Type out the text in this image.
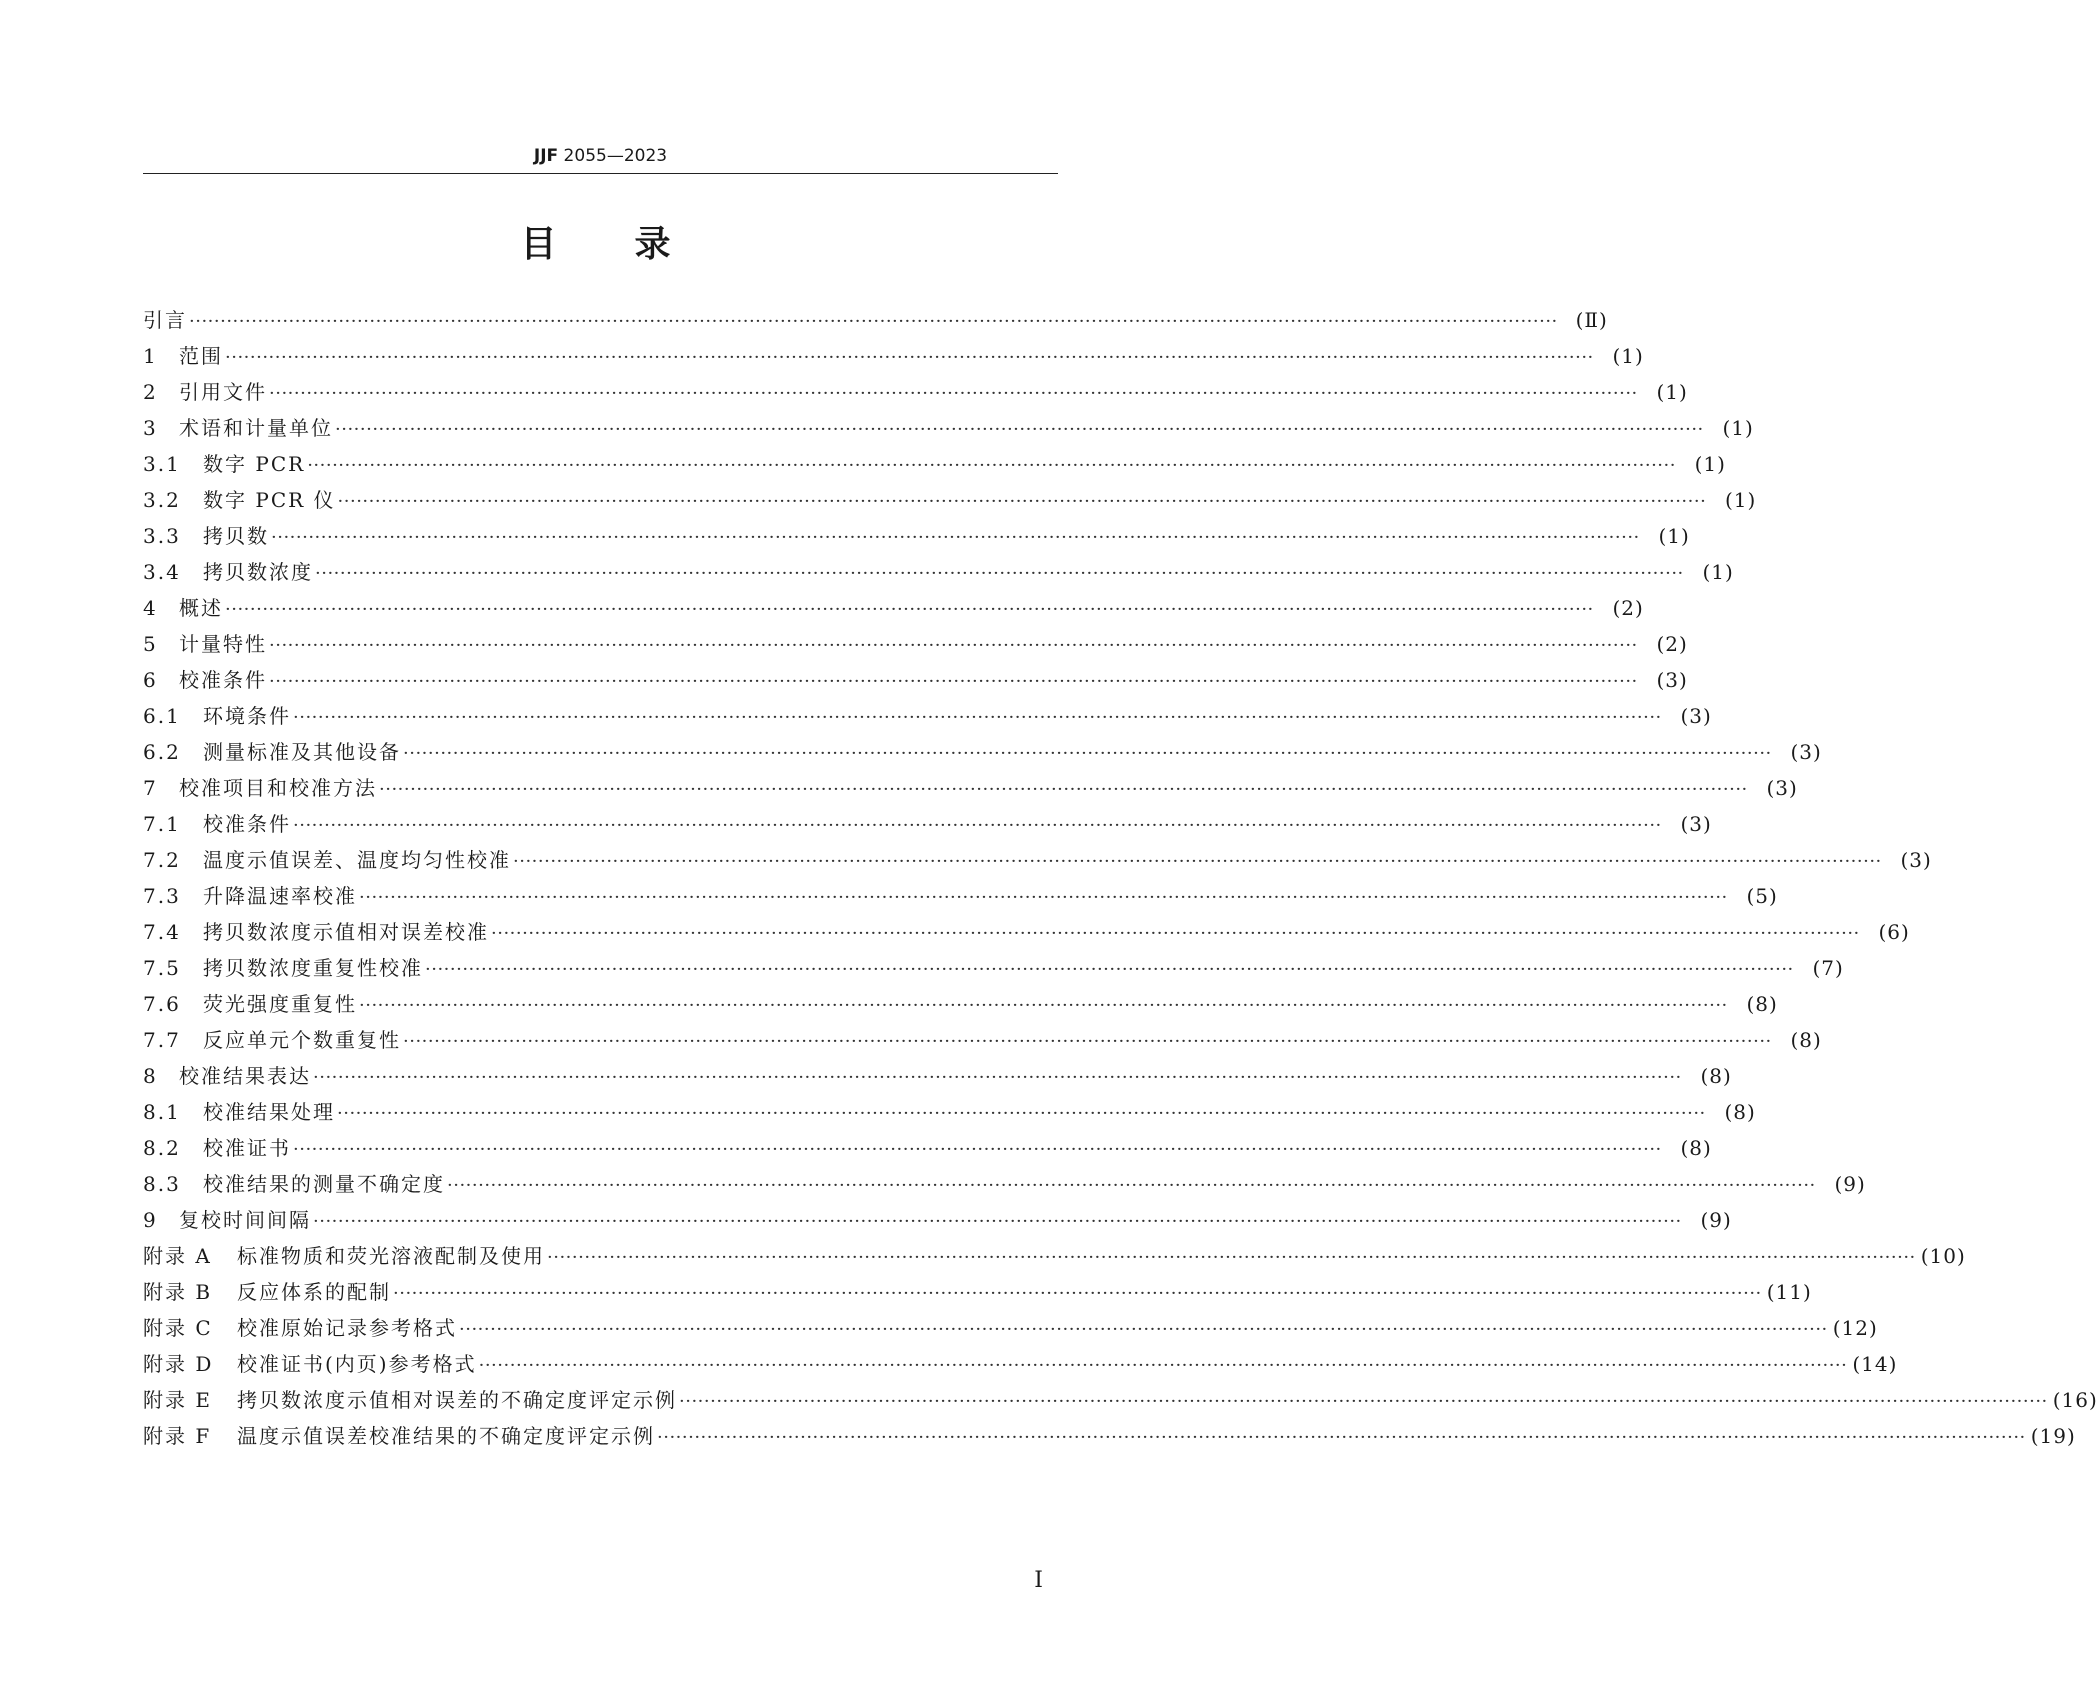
JJF 2055—2023
目录
引言 ···························································································································································································································· (Ⅱ)
1	范围 ···························································································································································································································· (1)
2	引用文件 ···························································································································································································································· (1)
3	术语和计量单位 ···························································································································································································································· (1)
3.1	数字 PCR ···························································································································································································································· (1)
3.2	数字 PCR 仪 ···························································································································································································································· (1)
3.3	拷贝数 ···························································································································································································································· (1)
3.4	拷贝数浓度 ···························································································································································································································· (1)
4	概述 ···························································································································································································································· (2)
5	计量特性 ···························································································································································································································· (2)
6	校准条件 ···························································································································································································································· (3)
6.1	环境条件 ···························································································································································································································· (3)
6.2	测量标准及其他设备 ···························································································································································································································· (3)
7	校准项目和校准方法 ···························································································································································································································· (3)
7.1	校准条件 ···························································································································································································································· (3)
7.2	温度示值误差、温度均匀性校准 ···························································································································································································································· (3)
7.3	升降温速率校准 ···························································································································································································································· (5)
7.4	拷贝数浓度示值相对误差校准 ···························································································································································································································· (6)
7.5	拷贝数浓度重复性校准 ···························································································································································································································· (7)
7.6	荧光强度重复性 ···························································································································································································································· (8)
7.7	反应单元个数重复性 ···························································································································································································································· (8)
8	校准结果表达 ···························································································································································································································· (8)
8.1	校准结果处理 ···························································································································································································································· (8)
8.2	校准证书 ···························································································································································································································· (8)
8.3	校准结果的测量不确定度 ···························································································································································································································· (9)
9	复校时间间隔 ···························································································································································································································· (9)
附录 A	标准物质和荧光溶液配制及使用 ···························································································································································································································· (10)
附录 B	反应体系的配制 ···························································································································································································································· (11)
附录 C	校准原始记录参考格式 ···························································································································································································································· (12)
附录 D	校准证书(内页)参考格式 ···························································································································································································································· (14)
附录 E	拷贝数浓度示值相对误差的不确定度评定示例 ···························································································································································································································· (16)
附录 F	温度示值误差校准结果的不确定度评定示例 ···························································································································································································································· (19)
Ⅰ
